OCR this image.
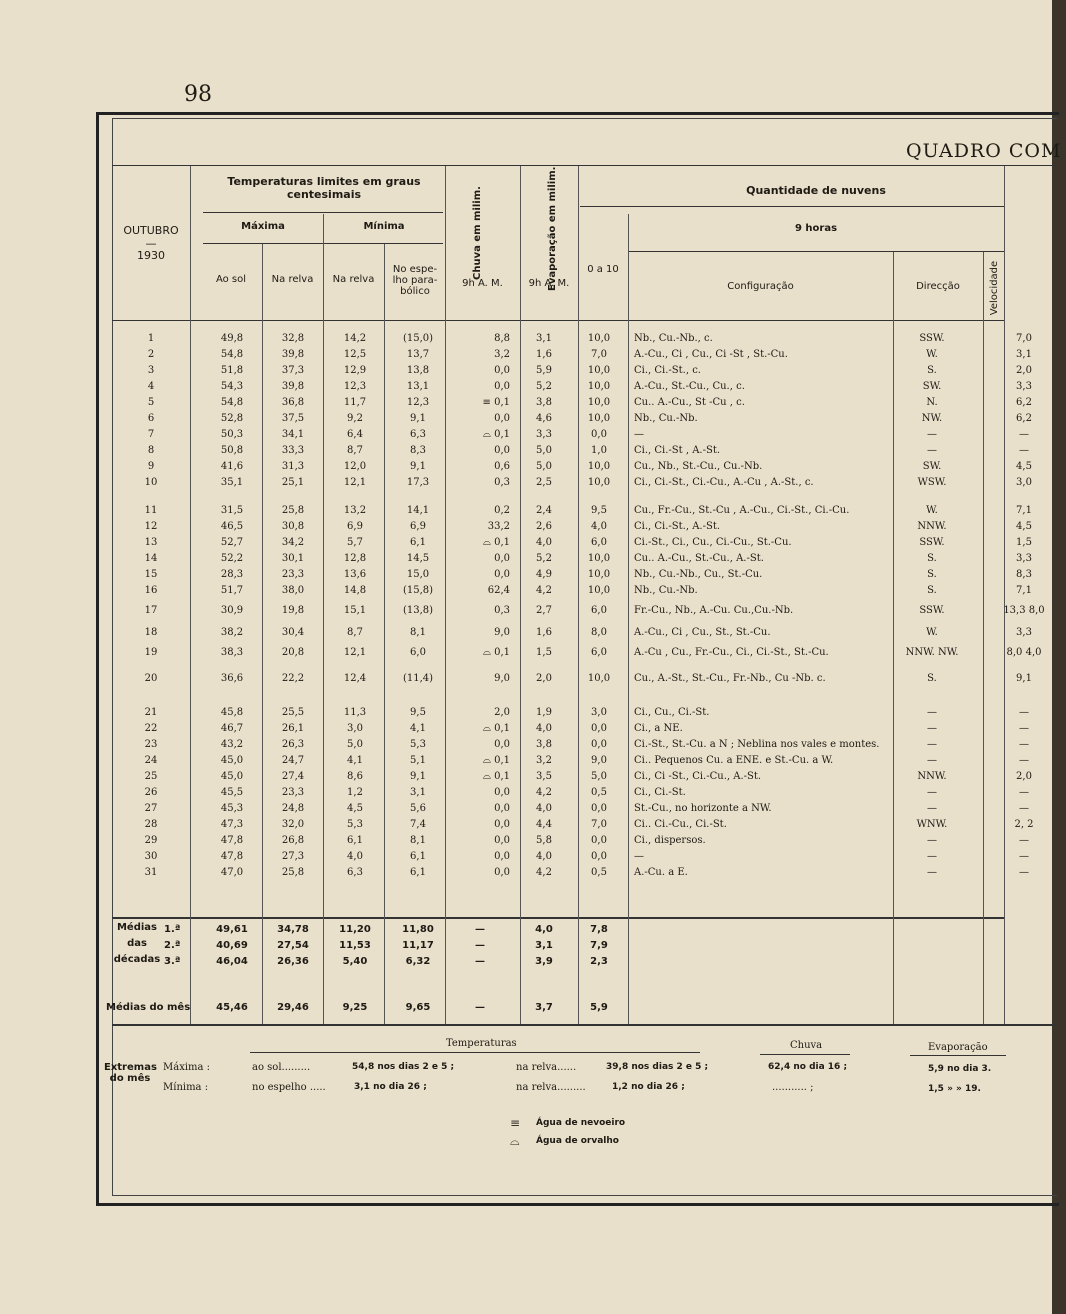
98
QUADRO COM
OUTUBRO
—
1930
Temperaturas limites em graus centesimais
Máxima	Mínima
Ao sol	Na relva	Na relva
No espe-lho para-bólico
Chuva em milim.
9h A. M.	Evaporação em milim.
9h A. M.
Quantidade de nuvens
9 horas
0 a 10
Configuração	Direcção	Velocidade
1	49,8	32,8	14,2	(15,0)	8,8	3,1	10,0	Nb., Cu.-Nb., c.	SSW.	7,0
2	54,8	39,8	12,5	13,7	3,2	1,6	7,0	A.-Cu., Ci , Cu., Ci -St , St.-Cu.	W.	3,1
3	51,8	37,3	12,9	13,8	0,0	5,9	10,0	Ci., Ci.-St., c.	S.	2,0
4	54,3	39,8	12,3	13,1	0,0	5,2	10,0	A.-Cu., St.-Cu., Cu., c.	SW.	3,3
5	54,8	36,8	11,7	12,3	≡ 0,1	3,8	10,0	Cu.. A.-Cu., St -Cu , c.	N.	6,2
6	52,8	37,5	9,2	9,1	0,0	4,6	10,0	Nb., Cu.-Nb.	NW.	6,2
7	50,3	34,1	6,4	6,3	⌓ 0,1	3,3	0,0	—	—	—
8	50,8	33,3	8,7	8,3	0,0	5,0	1,0	Ci., Ci.-St , A.-St.	—	—
9	41,6	31,3	12,0	9,1	0,6	5,0	10,0	Cu., Nb., St.-Cu., Cu.-Nb.	SW.	4,5
10	35,1	25,1	12,1	17,3	0,3	2,5	10,0	Ci., Ci.-St., Ci.-Cu., A.-Cu , A.-St., c.	WSW.	3,0
11	31,5	25,8	13,2	14,1	0,2	2,4	9,5	Cu., Fr.-Cu., St.-Cu , A.-Cu., Ci.-St., Ci.-Cu.	W.	7,1
12	46,5	30,8	6,9	6,9	33,2	2,6	4,0	Ci., Ci.-St., A.-St.	NNW.	4,5
13	52,7	34,2	5,7	6,1	⌓ 0,1	4,0	6,0	Ci.-St., Ci., Cu., Ci.-Cu., St.-Cu.	SSW.	1,5
14	52,2	30,1	12,8	14,5	0,0	5,2	10,0	Cu.. A.-Cu., St.-Cu., A.-St.	S.	3,3
15	28,3	23,3	13,6	15,0	0,0	4,9	10,0	Nb., Cu.-Nb., Cu., St.-Cu.	S.	8,3
16	51,7	38,0	14,8	(15,8)	62,4	4,2	10,0	Nb., Cu.-Nb.	S.	7,1
17	30,9	19,8	15,1	(13,8)	0,3	2,7	6,0	Fr.-Cu., Nb., A.-Cu. Cu.,Cu.-Nb.	SSW.	13,3 8,0
18	38,2	30,4	8,7	8,1	9,0	1,6	8,0	A.-Cu., Ci , Cu., St., St.-Cu.	W.	3,3
19	38,3	20,8	12,1	6,0	⌓ 0,1	1,5	6,0	A.-Cu , Cu., Fr.-Cu., Ci., Ci.-St., St.-Cu.	NNW. NW.	8,0 4,0
20	36,6	22,2	12,4	(11,4)	9,0	2,0	10,0	Cu., A.-St., St.-Cu., Fr.-Nb., Cu -Nb. c.	S.	9,1
21	45,8	25,5	11,3	9,5	2,0	1,9	3,0	Ci., Cu., Ci.-St.	—	—
22	46,7	26,1	3,0	4,1	⌓ 0,1	4,0	0,0	Ci., a NE.	—	—
23	43,2	26,3	5,0	5,3	0,0	3,8	0,0	Ci.-St., St.-Cu. a N ; Neblina nos vales e montes.	—	—
24	45,0	24,7	4,1	5,1	⌓ 0,1	3,2	9,0	Ci.. Pequenos Cu. a ENE. e St.-Cu. a W.	—	—
25	45,0	27,4	8,6	9,1	⌓ 0,1	3,5	5,0	Ci., Ci -St., Ci.-Cu., A.-St.	NNW.	2,0
26	45,5	23,3	1,2	3,1	0,0	4,2	0,5	Ci., Ci.-St.	—	—
27	45,3	24,8	4,5	5,6	0,0	4,0	0,0	St.-Cu., no horizonte a NW.	—	—
28	47,3	32,0	5,3	7,4	0,0	4,4	7,0	Ci.. Ci.-Cu., Ci.-St.	WNW.	2, 2
29	47,8	26,8	6,1	8,1	0,0	5,8	0,0	Ci., dispersos.	—	—
30	47,8	27,3	4,0	6,1	0,0	4,0	0,0	—	—	—
31	47,0	25,8	6,3	6,1	0,0	4,2	0,5	A.-Cu. a E.	—	—
Médias
das
décadas
1.ª	49,61	34,78	11,20	11,80	—	4,0	7,8
2.ª	40,69	27,54	11,53	11,17	—	3,1	7,9
3.ª	46,04	26,36	5,40	6,32	—	3,9	2,3
Médias do mês	45,46	29,46	9,25	9,65	—	3,7	5,9
Temperaturas	Chuva	Evaporação
Extremas do mês
Máxima :
Mínima :
ao sol.........	54,8 nos dias 2 e 5 ;	na relva......	39,8 nos dias 2 e 5 ;	62,4 no dia 16 ;	5,9 no dia 3.
no espelho .....	3,1 no dia 26 ;	na relva.........	1,2 no dia 26 ;	........... ;	1,5 » » 19.
≡ Água de nevoeiro
⌓ Água de orvalho
